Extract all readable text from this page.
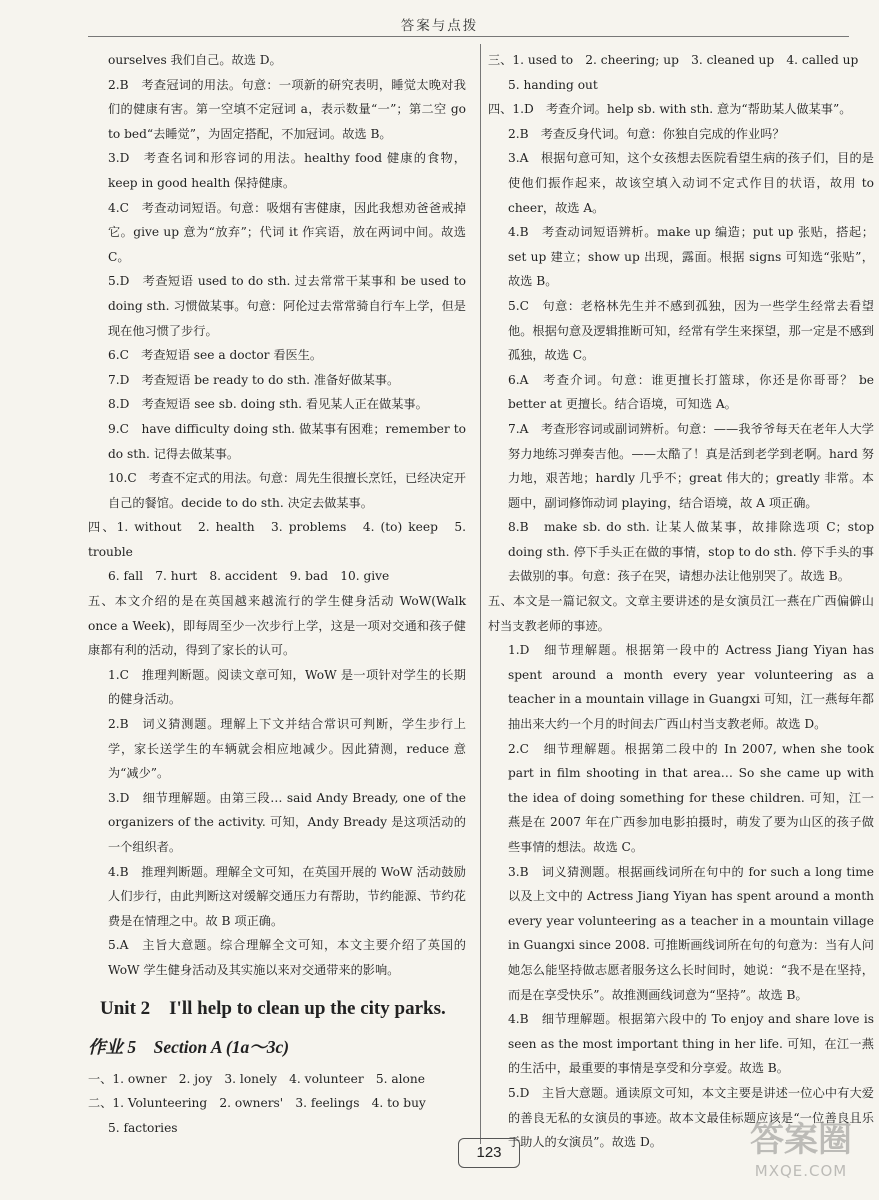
答案与点拨

ourselves 我们自己。故选 D。

2.B　考查冠词的用法。句意：一项新的研究表明，睡觉太晚对我们的健康有害。第一空填不定冠词 a，表示数量“一”；第二空 go to bed“去睡觉”，为固定搭配，不加冠词。故选 B。

3.D　考查名词和形容词的用法。healthy food 健康的食物，keep in good health 保持健康。

4.C　考查动词短语。句意：吸烟有害健康，因此我想劝爸爸戒掉它。give up 意为“放弃”；代词 it 作宾语，放在两词中间。故选 C。

5.D　考查短语 used to do sth. 过去常常干某事和 be used to doing sth. 习惯做某事。句意：阿伦过去常常骑自行车上学，但是现在他习惯了步行。

6.C　考查短语 see a doctor 看医生。

7.D　考查短语 be ready to do sth. 准备好做某事。

8.D　考查短语 see sb. doing sth. 看见某人正在做某事。

9.C　have difficulty doing sth. 做某事有困难；remember to do sth. 记得去做某事。

10.C　考查不定式的用法。句意：周先生很擅长烹饪，已经决定开自己的餐馆。decide to do sth. 决定去做某事。

四、1. without　2. health　3. problems　4. (to) keep　5. trouble

6. fall　7. hurt　8. accident　9. bad　10. give

五、本文介绍的是在英国越来越流行的学生健身活动 WoW(Walk once a Week)，即每周至少一次步行上学，这是一项对交通和孩子健康都有利的活动，得到了家长的认可。

1.C　推理判断题。阅读文章可知，WoW 是一项针对学生的长期的健身活动。

2.B　词义猜测题。理解上下文并结合常识可判断，学生步行上学，家长送学生的车辆就会相应地减少。因此猜测，reduce 意为“减少”。

3.D　细节理解题。由第三段… said Andy Bready, one of the organizers of the activity. 可知，Andy Bready 是这项活动的一个组织者。

4.B　推理判断题。理解全文可知，在英国开展的 WoW 活动鼓励人们步行，由此判断这对缓解交通压力有帮助，节约能源、节约花费是在情理之中。故 B 项正确。

5.A　主旨大意题。综合理解全文可知，本文主要介绍了英国的 WoW 学生健身活动及其实施以来对交通带来的影响。

Unit 2　I'll help to clean up the city parks.
作业 5　Section A (1a～3c)

一、1. owner　2. joy　3. lonely　4. volunteer　5. alone

二、1. Volunteering　2. owners'　3. feelings　4. to buy

5. factories

三、1. used to　2. cheering; up　3. cleaned up　4. called up

5. handing out

四、1.D　考查介词。help sb. with sth. 意为“帮助某人做某事”。

2.B　考查反身代词。句意：你独自完成的作业吗？

3.A　根据句意可知，这个女孩想去医院看望生病的孩子们，目的是使他们振作起来，故该空填入动词不定式作目的状语，故用 to cheer，故选 A。

4.B　考查动词短语辨析。make up 编造；put up 张贴，搭起；set up 建立；show up 出现，露面。根据 signs 可知选“张贴”，故选 B。

5.C　句意：老格林先生并不感到孤独，因为一些学生经常去看望他。根据句意及逻辑推断可知，经常有学生来探望，那一定是不感到孤独，故选 C。

6.A　考查介词。句意：谁更擅长打篮球，你还是你哥哥？ be better at 更擅长。结合语境，可知选 A。

7.A　考查形容词或副词辨析。句意：——我爷爷每天在老年人大学努力地练习弹奏吉他。——太酷了！真是活到老学到老啊。hard 努力地，艰苦地；hardly 几乎不；great 伟大的；greatly 非常。本题中，副词修饰动词 playing，结合语境，故 A 项正确。

8.B　make sb. do sth. 让某人做某事，故排除选项 C；stop doing sth. 停下手头正在做的事情，stop to do sth. 停下手头的事去做别的事。句意：孩子在哭，请想办法让他别哭了。故选 B。

五、本文是一篇记叙文。文章主要讲述的是女演员江一燕在广西偏僻山村当支教老师的事迹。

1.D　细节理解题。根据第一段中的 Actress Jiang Yiyan has spent around a month every year volunteering as a teacher in a mountain village in Guangxi 可知，江一燕每年都抽出来大约一个月的时间去广西山村当支教老师。故选 D。

2.C　细节理解题。根据第二段中的 In 2007, when she took part in film shooting in that area… So she came up with the idea of doing something for these children. 可知，江一燕是在 2007 年在广西参加电影拍摄时，萌发了要为山区的孩子做些事情的想法。故选 C。

3.B　词义猜测题。根据画线词所在句中的 for such a long time 以及上文中的 Actress Jiang Yiyan has spent around a month every year volunteering as a teacher in a mountain village in Guangxi since 2008. 可推断画线词所在句的句意为：当有人问她怎么能坚持做志愿者服务这么长时间时，她说：“我不是在坚持，而是在享受快乐”。故推测画线词意为“坚持”。故选 B。

4.B　细节理解题。根据第六段中的 To enjoy and share love is seen as the most important thing in her life. 可知，在江一燕的生活中，最重要的事情是享受和分享爱。故选 B。

5.D　主旨大意题。通读原文可知，本文主要是讲述一位心中有大爱的善良无私的女演员的事迹。故本文最佳标题应该是“一位善良且乐于助人的女演员”。故选 D。

123	答案圈
MXQE.COM
